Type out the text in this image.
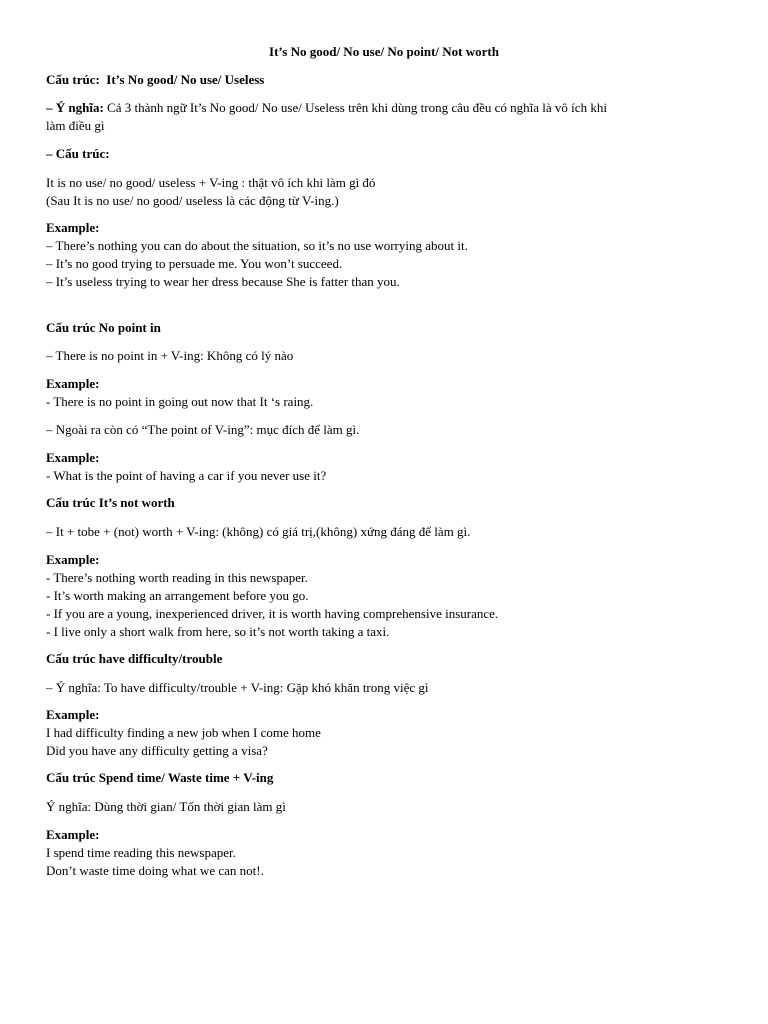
It’s No good/ No use/ No point/ Not worth
Cấu trúc:  It’s No good/ No use/ Useless
– Ý nghĩa: Cả 3 thành ngữ It’s No good/ No use/ Useless trên khi dùng trong câu đều có nghĩa là vô ích khi
làm điều gì
– Cấu trúc:
It is no use/ no good/ useless + V-ing : thật vô ích khi làm gì đó
(Sau It is no use/ no good/ useless là các động từ V-ing.)
Example:
– There’s nothing you can do about the situation, so it’s no use worrying about it.
– It’s no good trying to persuade me. You won’t succeed.
– It’s useless trying to wear her dress because She is fatter than you.
Cấu trúc No point in
– There is no point in + V-ing: Không có lý nào
Example:
- There is no point in going out now that It ‘s raing.
– Ngoài ra còn có “The point of V-ing”: mục đích để làm gì.
Example:
- What is the point of having a car if you never use it?
Cấu trúc It’s not worth
– It + tobe + (not) worth + V-ing: (không) có giá trị,(không) xứng đáng để làm gì.
Example:
- There’s nothing worth reading in this newspaper.
- It’s worth making an arrangement before you go.
- If you are a young, inexperienced driver, it is worth having comprehensive insurance.
- I live only a short walk from here, so it’s not worth taking a taxi.
Cấu trúc have difficulty/trouble
– Ý nghĩa: To have difficulty/trouble + V-ing: Gặp khó khăn trong việc gì
Example:
I had difficulty finding a new job when I come home
Did you have any difficulty getting a visa?
Cấu trúc Spend time/ Waste time + V-ing
Ý nghĩa: Dùng thời gian/ Tốn thời gian làm gì
Example:
I spend time reading this newspaper.
Don’t waste time doing what we can not!.
